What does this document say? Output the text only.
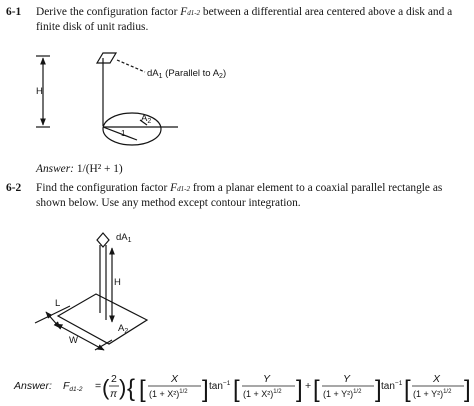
6-1 Derive the configuration factor Fd1-2 between a differential area centered above a disk and a finite disk of unit radius.
Answer: 1/(H² + 1)
6-2 Find the configuration factor Fd1-2 from a planar element to a coaxial parallel rectangle as shown below. Use any method except contour integration.
$dA_1$ (Parallel to $A_2$)
H
$A_2$
1
$dA_1$
H
L
W
$A_2$
Answer: Fd1-2 = ( 2
π ) { [ X
$(1 + X^2)^{1/2}$ ] $\tan^{-1}$ [ Y
$(1 + X^2)^{1/2}$ ] + [ Y
$(1 + Y^2)^{1/2}$ ] $\tan^{-1}$ [ X
$(1 + Y^2)^{1/2}$ ]
